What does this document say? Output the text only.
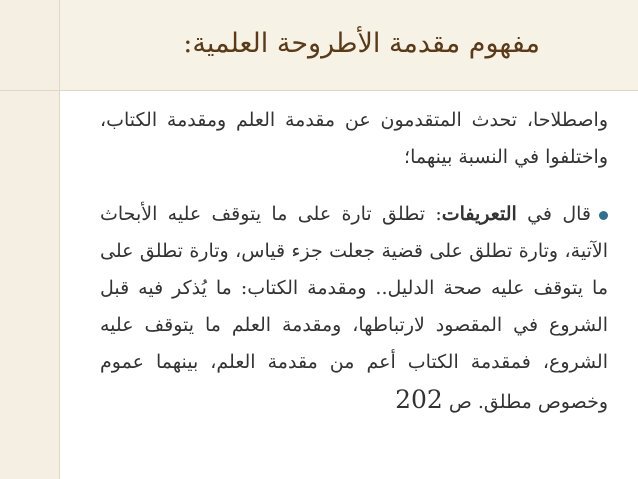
مفهوم مقدمة الأطروحة العلمية:
واصطلاحا، تحدث المتقدمون عن مقدمة العلم ومقدمة الكتاب، واختلفوا في النسبة بينهما؛
قال في التعريفات: تطلق تارة على ما يتوقف عليه الأبحاث الآتية، وتارة تطلق على قضية جعلت جزء قياس، وتارة تطلق على ما يتوقف عليه صحة الدليل.. ومقدمة الكتاب: ما يُذكر فيه قبل الشروع في المقصود لارتباطها، ومقدمة العلم ما يتوقف عليه الشروع، فمقدمة الكتاب أعم من مقدمة العلم، بينهما عموم وخصوص مطلق. ص 202
